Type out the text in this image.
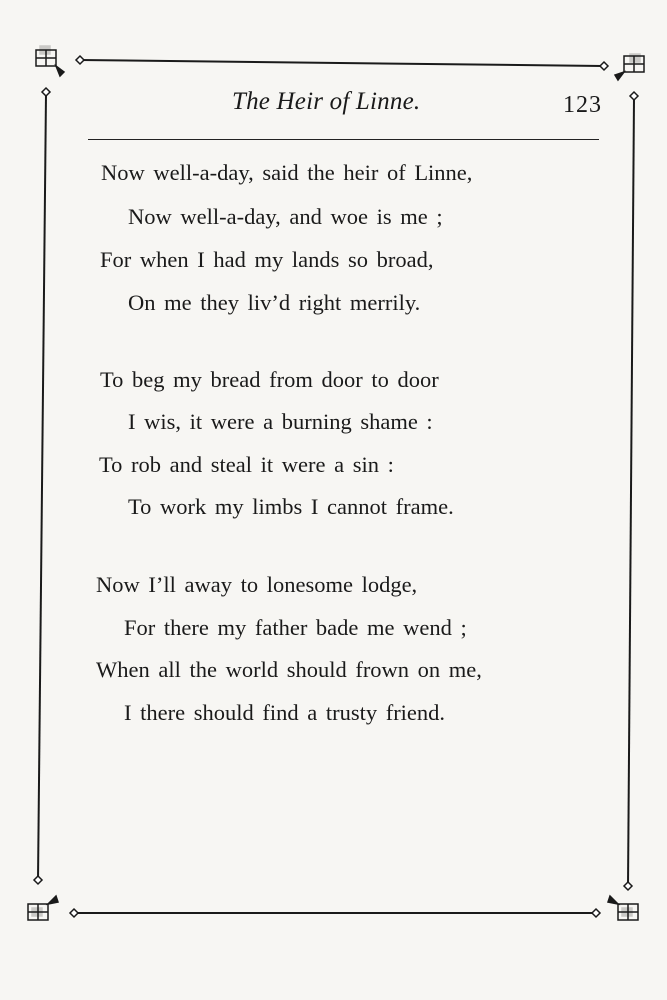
The Heir of Linne.	123
Now well-a-day, said the heir of Linne,
Now well-a-day, and woe is me ;
For when I had my lands so broad,
On me they liv’d right merrily.
To beg my bread from door to door
I wis, it were a burning shame :
To rob and steal it were a sin :
To work my limbs I cannot frame.
Now I’ll away to lonesome lodge,
For there my father bade me wend ;
When all the world should frown on me,
I there should find a trusty friend.
